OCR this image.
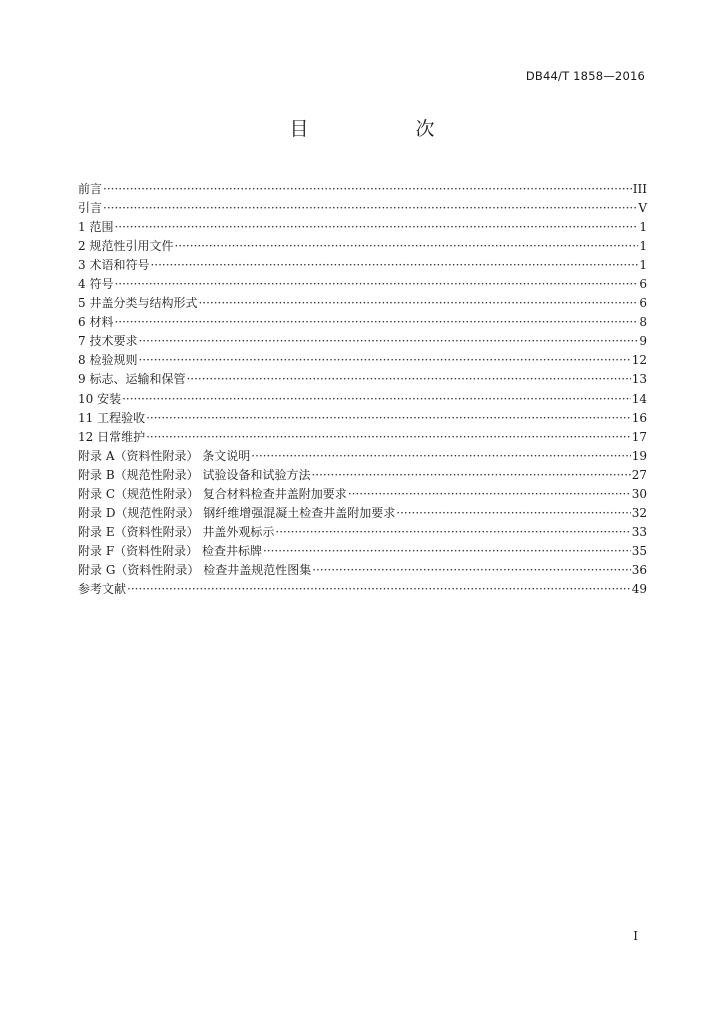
DB44/T 1858—2016
目　次
前言 ·····	III
引言 ·····	V
1 范围 ·····	1
2 规范性引用文件 ·····	1
3 术语和符号 ·····	1
4 符号 ·····	6
5 井盖分类与结构形式 ·····	6
6 材料 ·····	8
7 技术要求 ·····	9
8 检验规则 ·····	12
9 标志、运输和保管 ·····	13
10 安装 ·····	14
11 工程验收 ·····	16
12 日常维护 ·····	17
附录 A（资料性附录） 条文说明 ·····	19
附录 B（规范性附录） 试验设备和试验方法 ·····	27
附录 C（规范性附录） 复合材料检查井盖附加要求 ·····	30
附录 D（规范性附录） 钢纤维增强混凝土检查井盖附加要求 ·····	32
附录 E（资料性附录） 井盖外观标示 ·····	33
附录 F（资料性附录） 检查井标牌 ·····	35
附录 G（资料性附录） 检查井盖规范性图集 ·····	36
参考文献 ·····	49
I
